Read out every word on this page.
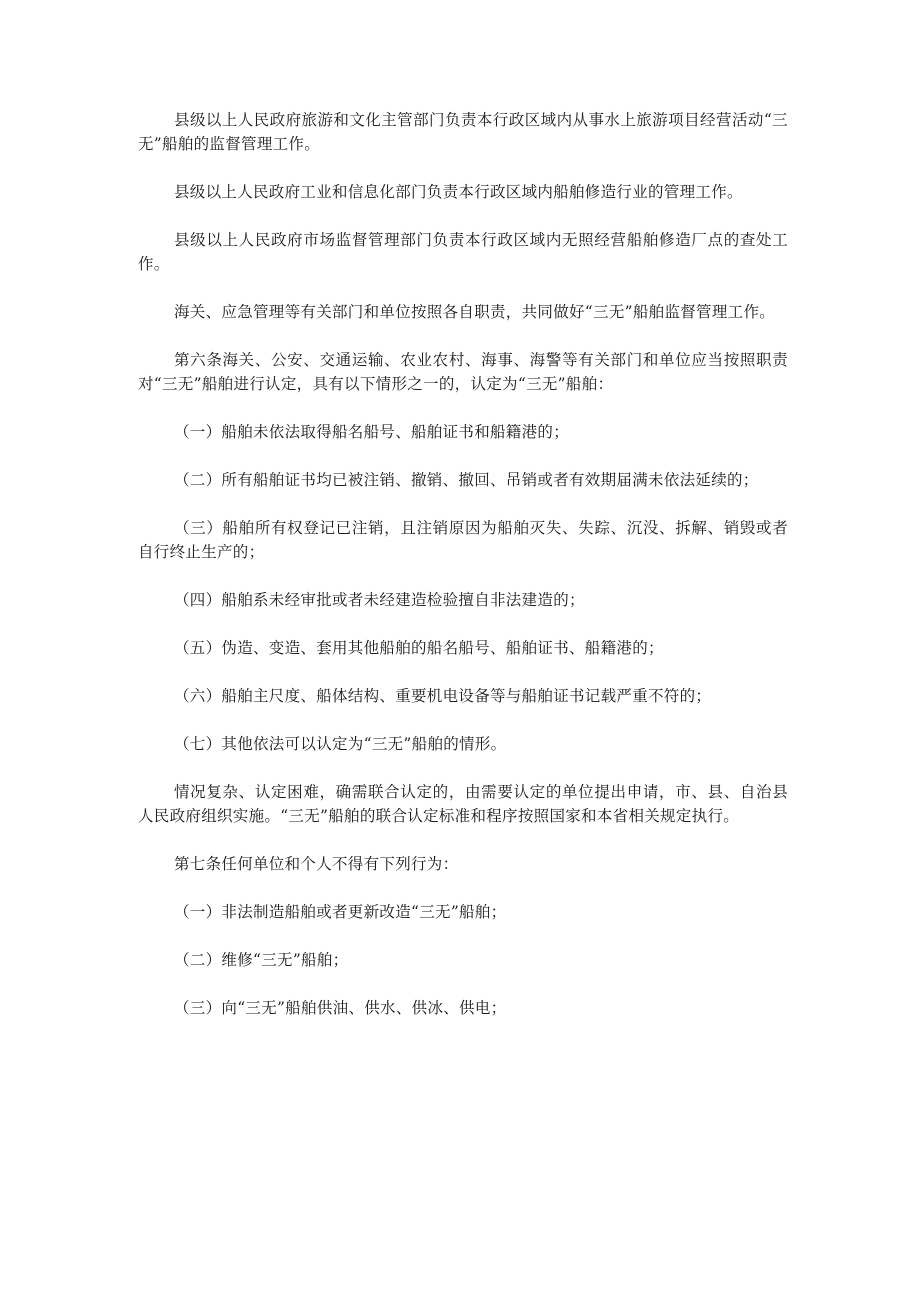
县级以上人民政府旅游和文化主管部门负责本行政区域内从事水上旅游项目经营活动“三无”船舶的监督管理工作。

县级以上人民政府工业和信息化部门负责本行政区域内船舶修造行业的管理工作。

县级以上人民政府市场监督管理部门负责本行政区域内无照经营船舶修造厂点的查处工作。

海关、应急管理等有关部门和单位按照各自职责，共同做好“三无”船舶监督管理工作。

第六条海关、公安、交通运输、农业农村、海事、海警等有关部门和单位应当按照职责对“三无”船舶进行认定，具有以下情形之一的，认定为“三无”船舶：

（一）船舶未依法取得船名船号、船舶证书和船籍港的；

（二）所有船舶证书均已被注销、撤销、撤回、吊销或者有效期届满未依法延续的；

（三）船舶所有权登记已注销，且注销原因为船舶灭失、失踪、沉没、拆解、销毁或者自行终止生产的；

（四）船舶系未经审批或者未经建造检验擅自非法建造的；

（五）伪造、变造、套用其他船舶的船名船号、船舶证书、船籍港的；

（六）船舶主尺度、船体结构、重要机电设备等与船舶证书记载严重不符的；

（七）其他依法可以认定为“三无”船舶的情形。

情况复杂、认定困难，确需联合认定的，由需要认定的单位提出申请，市、县、自治县人民政府组织实施。“三无”船舶的联合认定标准和程序按照国家和本省相关规定执行。

第七条任何单位和个人不得有下列行为：

（一）非法制造船舶或者更新改造“三无”船舶；

（二）维修“三无”船舶；

（三）向“三无”船舶供油、供水、供冰、供电；
